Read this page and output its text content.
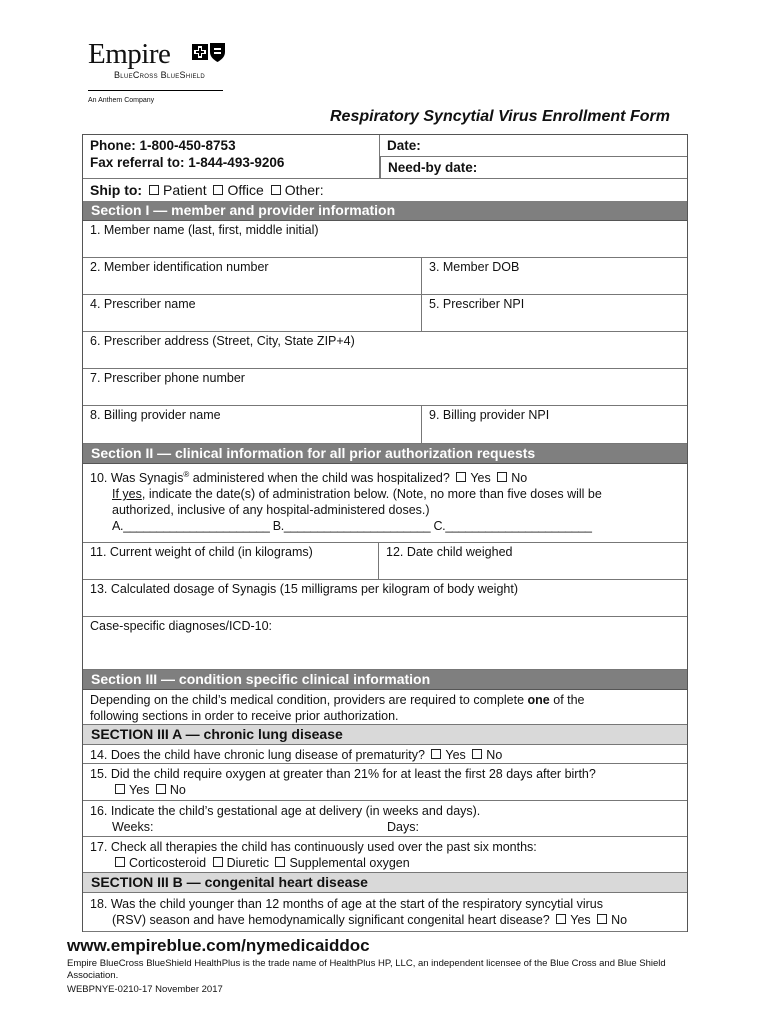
Empire
BlueCross BlueShield
An Anthem Company
Respiratory Syncytial Virus Enrollment Form
Phone: 1-800-450-8753
Fax referral to: 1-844-493-9206
Date:
Need-by date:
Ship to: Patient Office Other:
Section I — member and provider information
1. Member name (last, first, middle initial)
2. Member identification number	3. Member DOB
4. Prescriber name	5. Prescriber NPI
6. Prescriber address (Street, City, State ZIP+4)
7. Prescriber phone number
8. Billing provider name	9. Billing provider NPI
Section II — clinical information for all prior authorization requests
10. Was Synagis® administered when the child was hospitalized? Yes No
If yes, indicate the date(s) of administration below. (Note, no more than five doses will be
authorized, inclusive of any hospital-administered doses.)
A.______________________ B.______________________ C.______________________
11. Current weight of child (in kilograms)	12. Date child weighed
13. Calculated dosage of Synagis (15 milligrams per kilogram of body weight)
Case-specific diagnoses/ICD-10:
Section III — condition specific clinical information
Depending on the child’s medical condition, providers are required to complete one of the
following sections in order to receive prior authorization.
SECTION III A — chronic lung disease
14. Does the child have chronic lung disease of prematurity? Yes No
15. Did the child require oxygen at greater than 21% for at least the first 28 days after birth?
Yes No
16. Indicate the child’s gestational age at delivery (in weeks and days).
Weeks:	Days:
17. Check all therapies the child has continuously used over the past six months:
Corticosteroid Diuretic Supplemental oxygen
SECTION III B — congenital heart disease
18. Was the child younger than 12 months of age at the start of the respiratory syncytial virus
(RSV) season and have hemodynamically significant congenital heart disease? Yes No
www.empireblue.com/nymedicaiddoc
Empire BlueCross BlueShield HealthPlus is the trade name of HealthPlus HP, LLC, an independent licensee of the Blue Cross and Blue Shield Association.
WEBPNYE-0210-17 November 2017
